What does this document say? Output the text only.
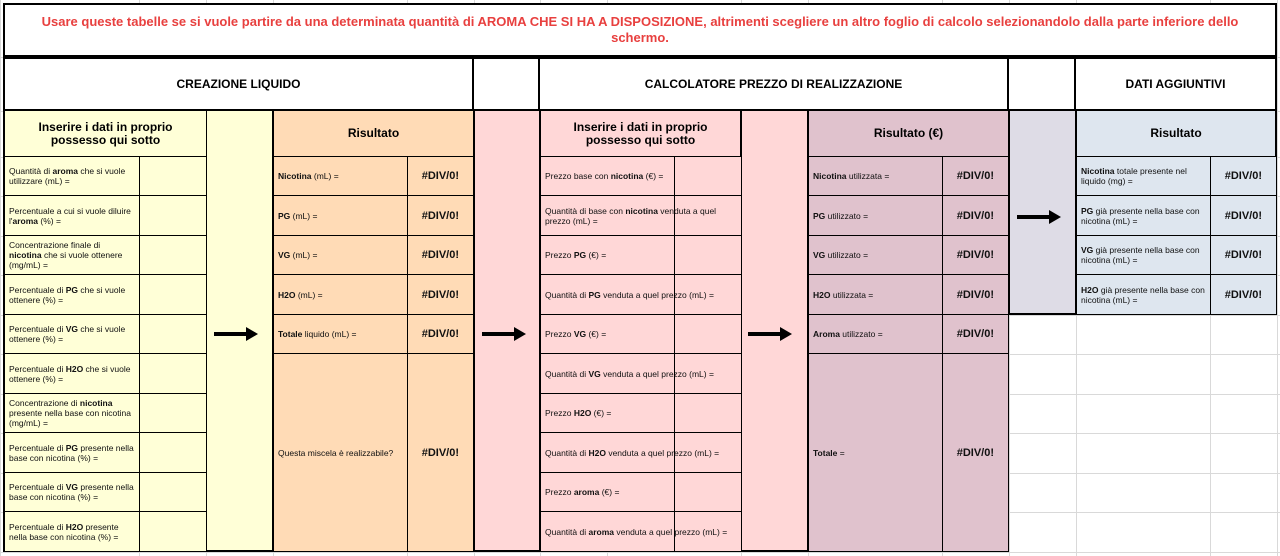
Usare queste tabelle se si vuole partire da una determinata quantità di AROMA CHE SI HA A DISPOSIZIONE, altrimenti scegliere un altro foglio di calcolo selezionandolo dalla parte inferiore dello schermo.
CREAZIONE LIQUIDO	CALCOLATORE PREZZO DI REALIZZAZIONE	DATI AGGIUNTIVI
Inserire i dati in proprio possesso qui sotto	Risultato	Inserire i dati in proprio possesso qui sotto	Risultato (€)	Risultato
Quantità di aroma che si vuole utilizzare (mL) =
Percentuale a cui si vuole diluire l'aroma (%) =
Concentrazione finale di nicotina che si vuole ottenere (mg/mL) =
Percentuale di PG che si vuole ottenere (%) =
Percentuale di VG che si vuole ottenere (%) =
Percentuale di H2O che si vuole ottenere (%) =
Concentrazione di nicotina presente nella base con nicotina (mg/mL) =
Percentuale di PG presente nella base con nicotina (%) =
Percentuale di VG presente nella base con nicotina (%) =
Percentuale di H2O presente nella base con nicotina (%) =
Nicotina (mL) =	#DIV/0!
PG (mL) =	#DIV/0!
VG (mL) =	#DIV/0!
H2O (mL) =	#DIV/0!
Totale liquido (mL) =	#DIV/0!
Questa miscela è realizzabile?	#DIV/0!
Prezzo base con nicotina (€) =
Quantità di base con nicotina venduta a quel prezzo (mL) =
Prezzo PG (€) =
Quantità di PG venduta a quel prezzo (mL) =
Prezzo VG (€) =
Quantità di VG venduta a quel prezzo (mL) =
Prezzo H2O (€) =
Quantità di H2O venduta a quel prezzo (mL) =
Prezzo aroma (€) =
Quantità di aroma venduta a quel prezzo (mL) =
Nicotina utilizzata =	#DIV/0!
PG utilizzato =	#DIV/0!
VG utilizzato =	#DIV/0!
H2O utilizzata =	#DIV/0!
Aroma utilizzato =	#DIV/0!
Totale =	#DIV/0!
Nicotina totale presente nel liquido (mg) =	#DIV/0!
PG già presente nella base con nicotina (mL) =	#DIV/0!
VG già presente nella base con nicotina (mL) =	#DIV/0!
H2O già presente nella base con nicotina (mL) =	#DIV/0!
